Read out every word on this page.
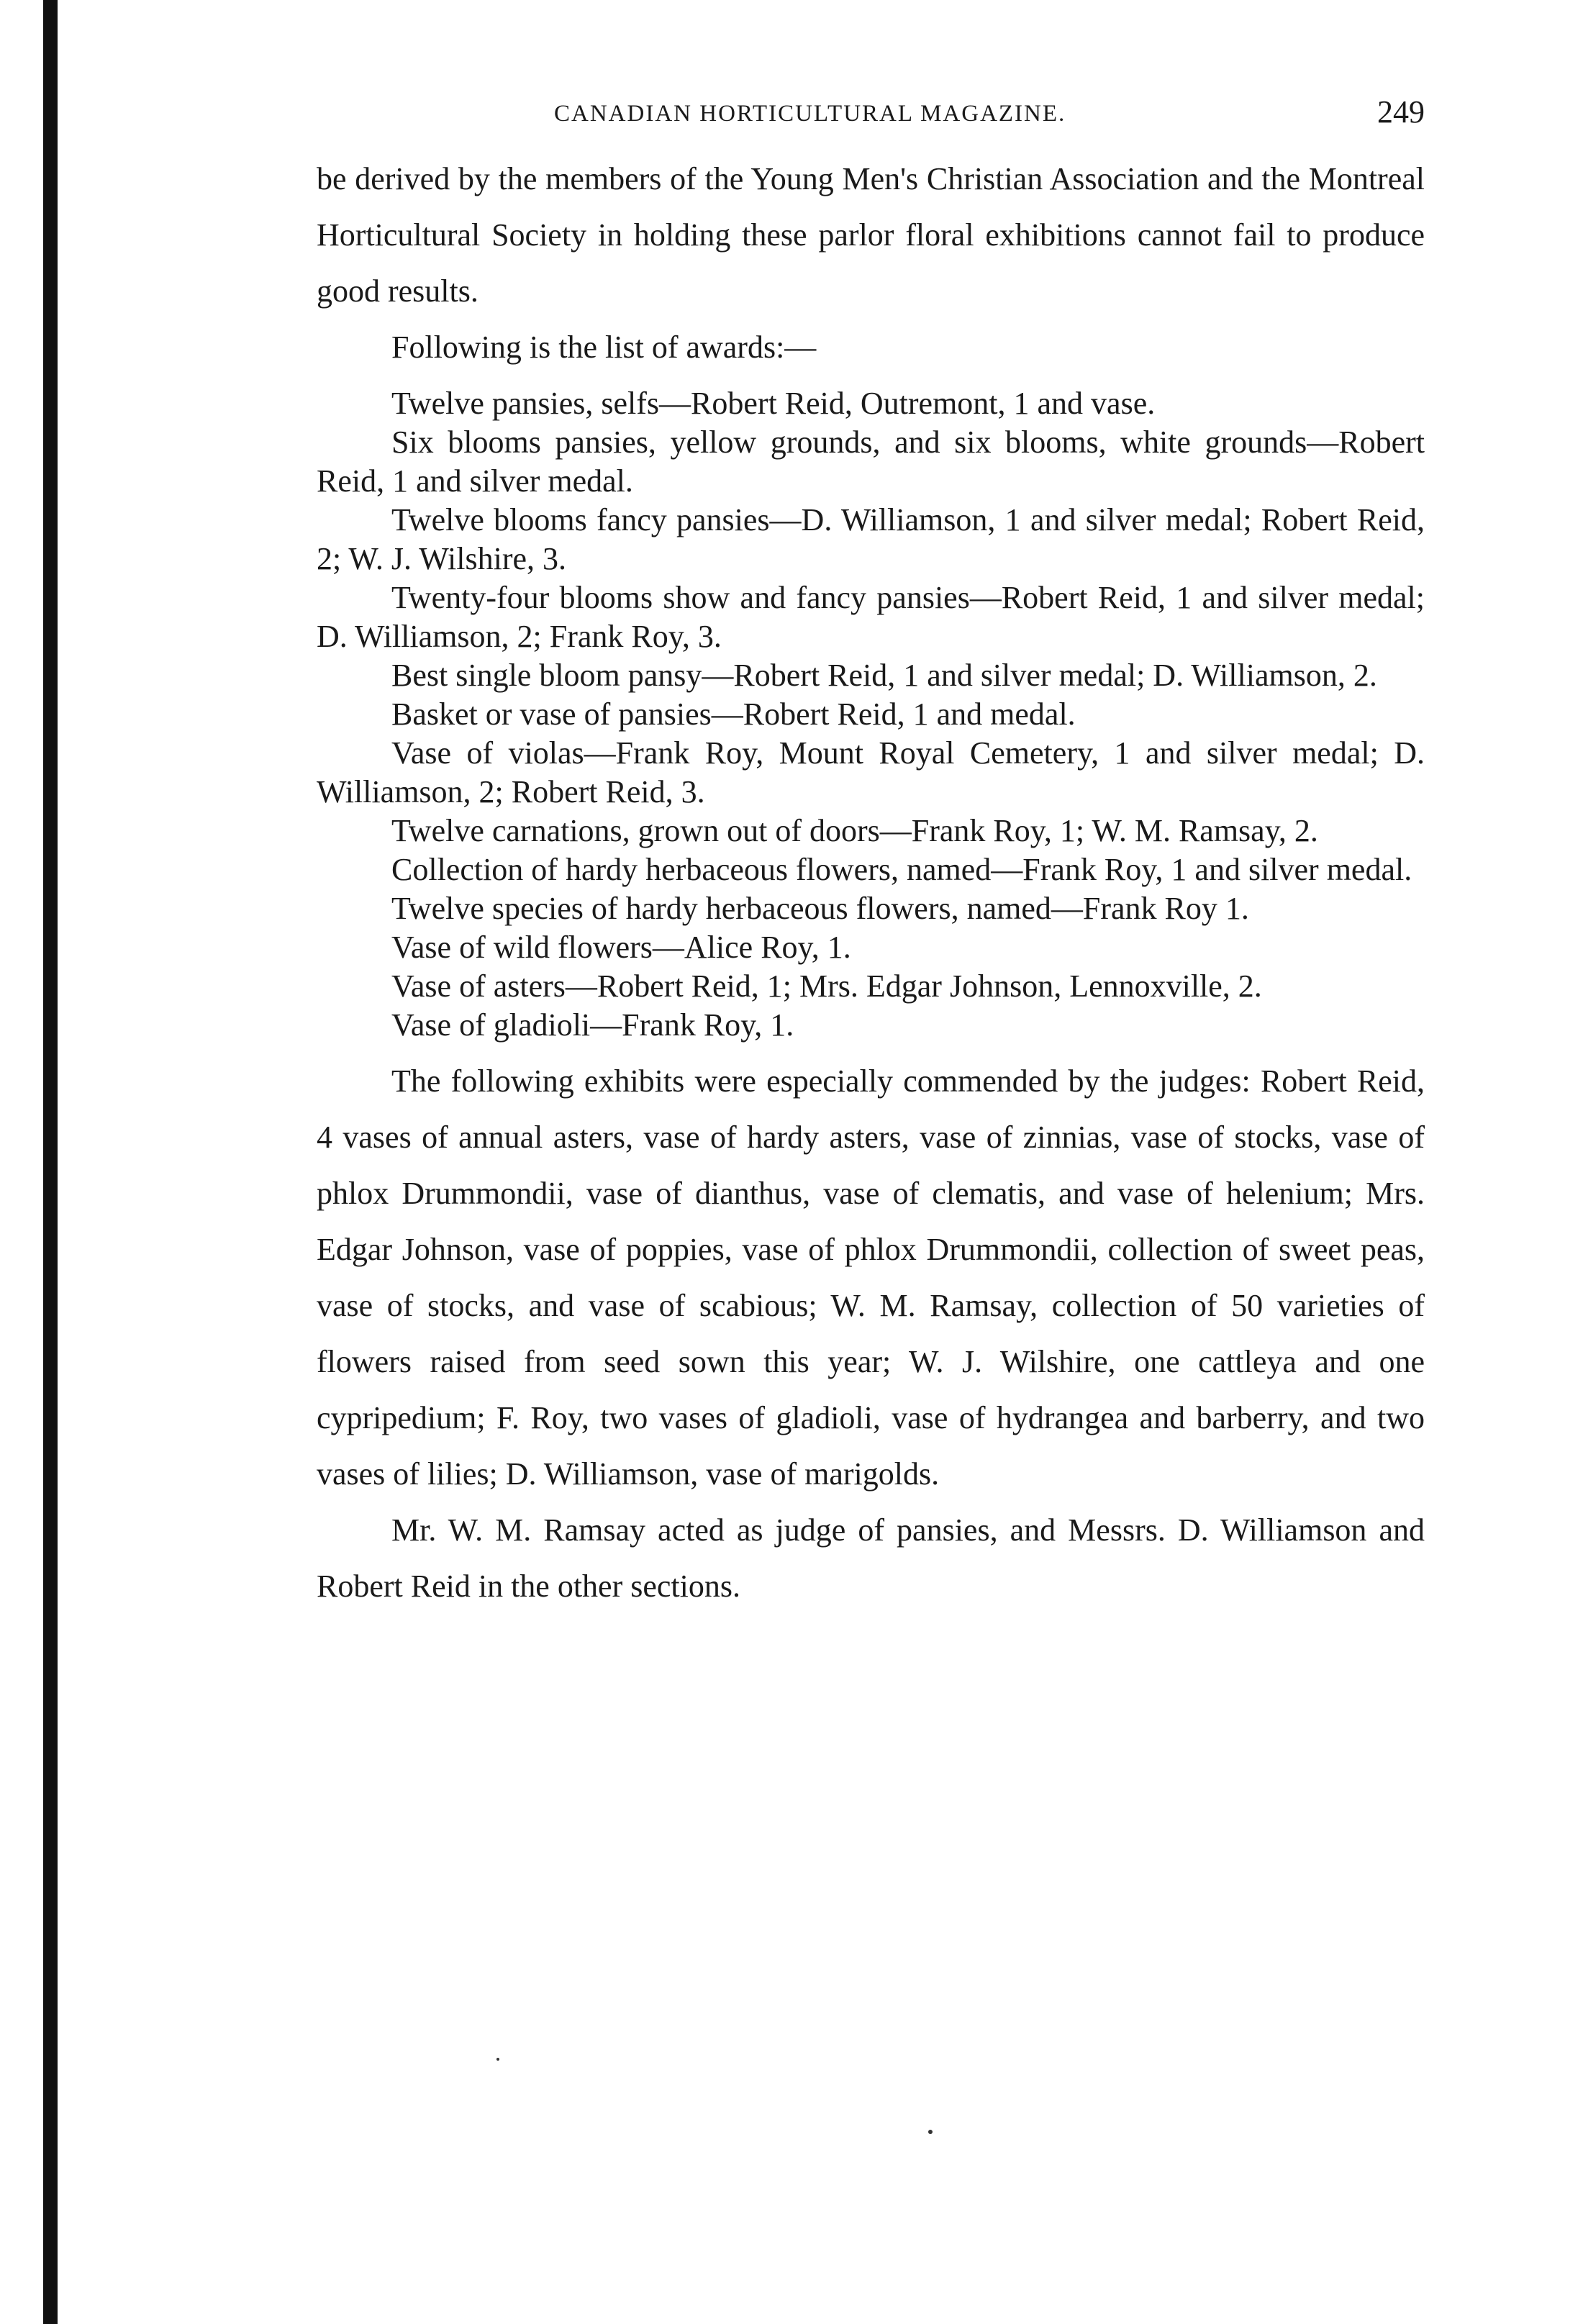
CANADIAN HORTICULTURAL MAGAZINE.	249

be derived by the members of the Young Men's Christian Association and the Montreal Horticultural Society in holding these parlor floral exhibitions cannot fail to produce good results.

Following is the list of awards:—

Twelve pansies, selfs—Robert Reid, Outremont, 1 and vase.

Six blooms pansies, yellow grounds, and six blooms, white grounds—Robert Reid, 1 and silver medal.

Twelve blooms fancy pansies—D. Williamson, 1 and silver medal; Robert Reid, 2; W. J. Wilshire, 3.

Twenty-four blooms show and fancy pansies—Robert Reid, 1 and silver medal; D. Williamson, 2; Frank Roy, 3.

Best single bloom pansy—Robert Reid, 1 and silver medal; D. Williamson, 2.

Basket or vase of pansies—Robert Reid, 1 and medal.

Vase of violas—Frank Roy, Mount Royal Cemetery, 1 and silver medal; D. Williamson, 2; Robert Reid, 3.

Twelve carnations, grown out of doors—Frank Roy, 1; W. M. Ramsay, 2.

Collection of hardy herbaceous flowers, named—Frank Roy, 1 and silver medal.

Twelve species of hardy herbaceous flowers, named—Frank Roy 1.

Vase of wild flowers—Alice Roy, 1.

Vase of asters—Robert Reid, 1; Mrs. Edgar Johnson, Lennoxville, 2.

Vase of gladioli—Frank Roy, 1.

The following exhibits were especially commended by the judges: Robert Reid, 4 vases of annual asters, vase of hardy asters, vase of zinnias, vase of stocks, vase of phlox Drummondii, vase of dianthus, vase of clematis, and vase of helenium; Mrs. Edgar Johnson, vase of poppies, vase of phlox Drummondii, collection of sweet peas, vase of stocks, and vase of scabious; W. M. Ramsay, collection of 50 varieties of flowers raised from seed sown this year; W. J. Wilshire, one cattleya and one cypripedium; F. Roy, two vases of gladioli, vase of hydrangea and barberry, and two vases of lilies; D. Williamson, vase of marigolds.

Mr. W. M. Ramsay acted as judge of pansies, and Messrs. D. Williamson and Robert Reid in the other sections.
